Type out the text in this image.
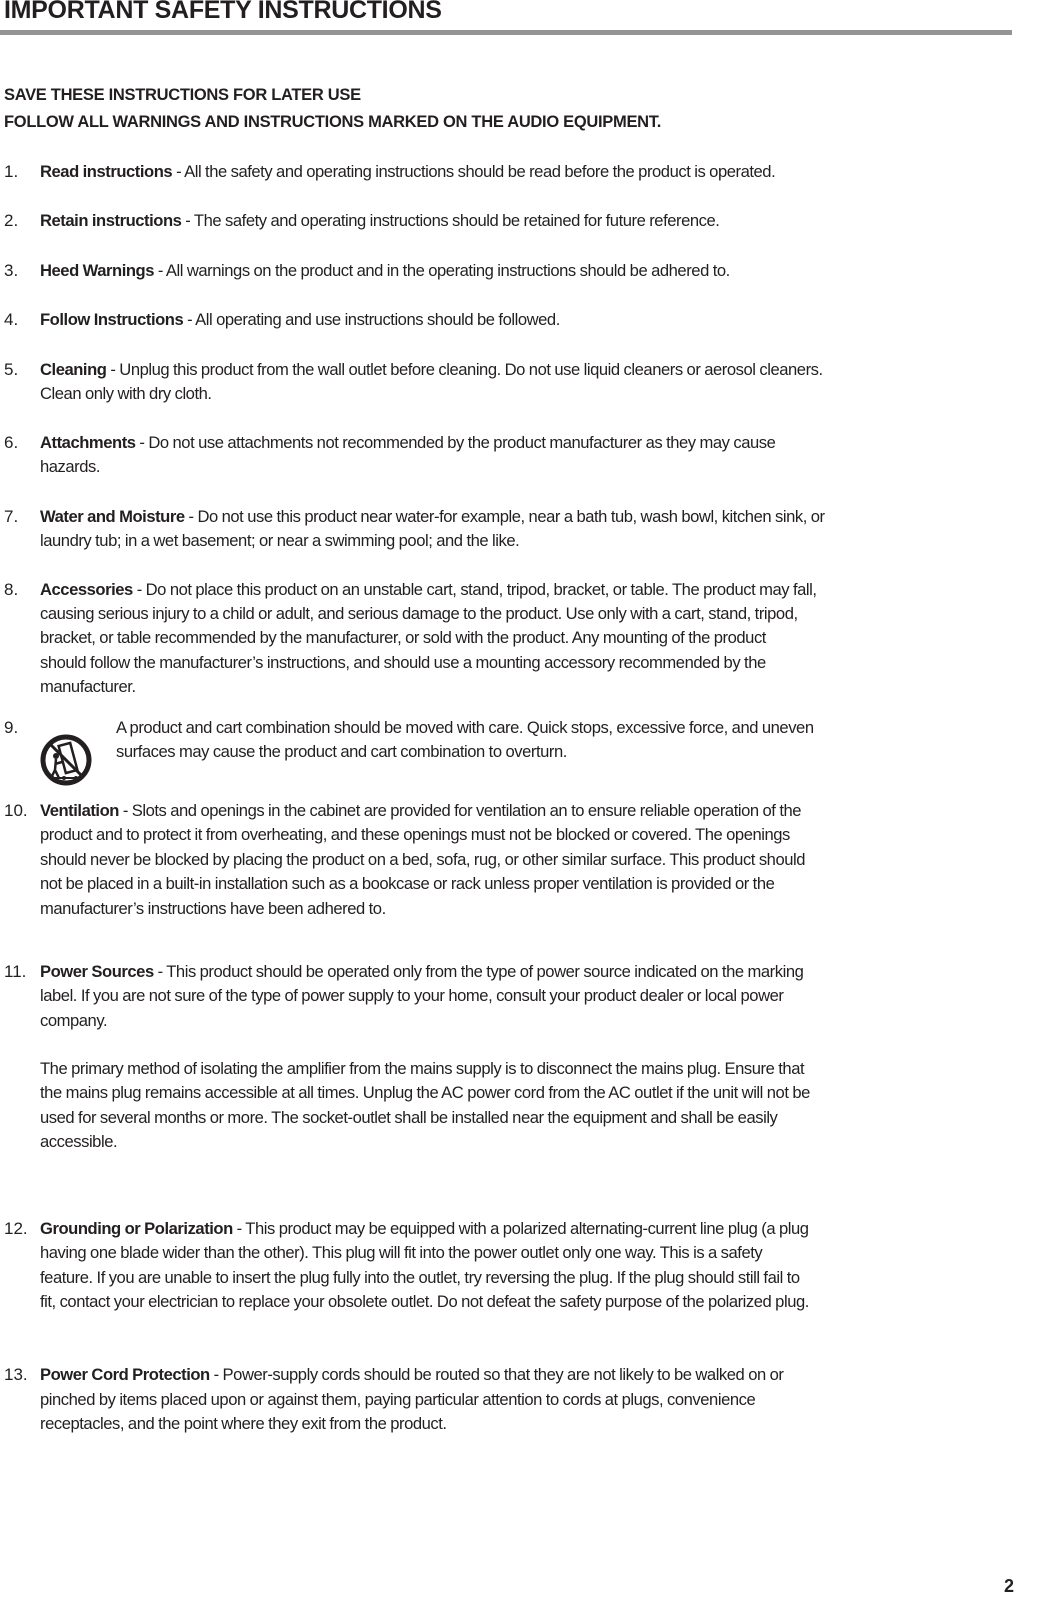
IMPORTANT SAFETY INSTRUCTIONS
SAVE THESE INSTRUCTIONS FOR LATER USE
FOLLOW ALL WARNINGS AND INSTRUCTIONS MARKED ON THE AUDIO EQUIPMENT.
1. Read instructions - All the safety and operating instructions should be read before the product is operated.
2. Retain instructions - The safety and operating instructions should be retained for future reference.
3. Heed Warnings - All warnings on the product and in the operating instructions should be adhered to.
4. Follow Instructions - All operating and use instructions should be followed.
5. Cleaning - Unplug this product from the wall outlet before cleaning. Do not use liquid cleaners or aerosol cleaners.
Clean only with dry cloth.
6. Attachments - Do not use attachments not recommended by the product manufacturer as they may cause
hazards.
7. Water and Moisture - Do not use this product near water-for example, near a bath tub, wash bowl, kitchen sink, or
laundry tub; in a wet basement; or near a swimming pool; and the like.
8. Accessories - Do not place this product on an unstable cart, stand, tripod, bracket, or table. The product may fall,
causing serious injury to a child or adult, and serious damage to the product. Use only with a cart, stand, tripod,
bracket, or table recommended by the manufacturer, or sold with the product. Any mounting of the product
should follow the manufacturer’s instructions, and should use a mounting accessory recommended by the
manufacturer.
9.	A product and cart combination should be moved with care. Quick stops, excessive force, and uneven
surfaces may cause the product and cart combination to overturn.
10. Ventilation - Slots and openings in the cabinet are provided for ventilation an to ensure reliable operation of the
product and to protect it from overheating, and these openings must not be blocked or covered. The openings
should never be blocked by placing the product on a bed, sofa, rug, or other similar surface. This product should
not be placed in a built-in installation such as a bookcase or rack unless proper ventilation is provided or the
manufacturer’s instructions have been adhered to.
11. Power Sources - This product should be operated only from the type of power source indicated on the marking
label. If you are not sure of the type of power supply to your home, consult your product dealer or local power
company.
The primary method of isolating the amplifier from the mains supply is to disconnect the mains plug. Ensure that
the mains plug remains accessible at all times. Unplug the AC power cord from the AC outlet if the unit will not be
used for several months or more. The socket-outlet shall be installed near the equipment and shall be easily
accessible.
12. Grounding or Polarization - This product may be equipped with a polarized alternating-current line plug (a plug
having one blade wider than the other). This plug will fit into the power outlet only one way. This is a safety
feature. If you are unable to insert the plug fully into the outlet, try reversing the plug. If the plug should still fail to
fit, contact your electrician to replace your obsolete outlet. Do not defeat the safety purpose of the polarized plug.
13. Power Cord Protection - Power-supply cords should be routed so that they are not likely to be walked on or
pinched by items placed upon or against them, paying particular attention to cords at plugs, convenience
receptacles, and the point where they exit from the product.
2
